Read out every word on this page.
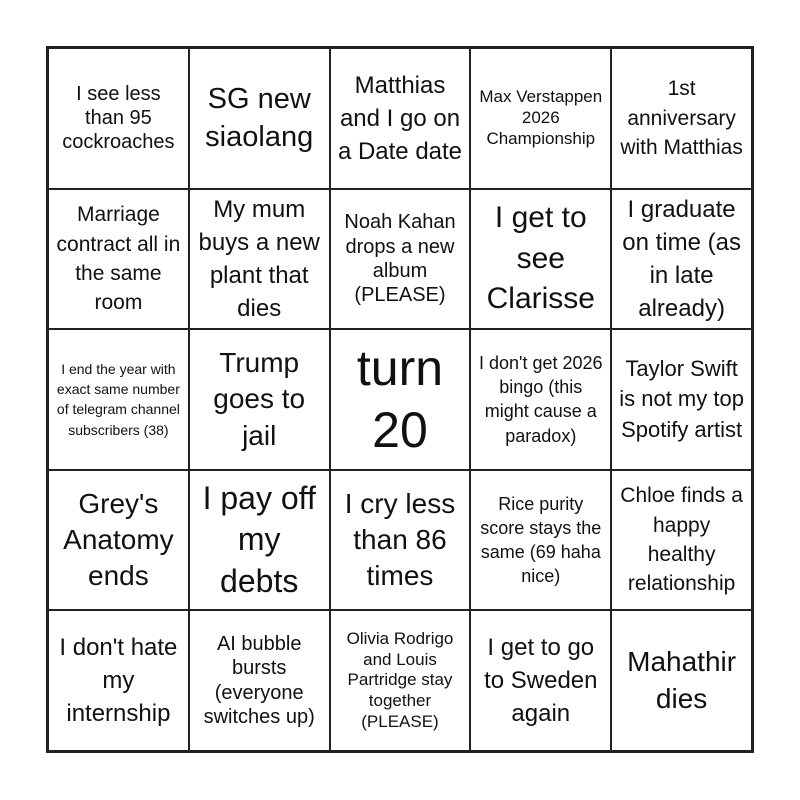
I see less than 95 cockroaches
SG new siaolang
Matthias and I go on a Date date
Max Verstappen 2026 Championship
1st anniversary with Matthias
Marriage contract all in the same room
My mum buys a new plant that dies
Noah Kahan drops a new album (PLEASE)
I get to see Clarisse
I graduate on time (as in late already)
I end the year with exact same number of telegram channel subscribers (38)
Trump goes to jail
turn 20
I don't get 2026 bingo (this might cause a paradox)
Taylor Swift is not my top Spotify artist
Grey's Anatomy ends
I pay off my debts
I cry less than 86 times
Rice purity score stays the same (69 haha nice)
Chloe finds a happy healthy relationship
I don't hate my internship
AI bubble bursts (everyone switches up)
Olivia Rodrigo and Louis Partridge stay together (PLEASE)
I get to go to Sweden again
Mahathir dies
